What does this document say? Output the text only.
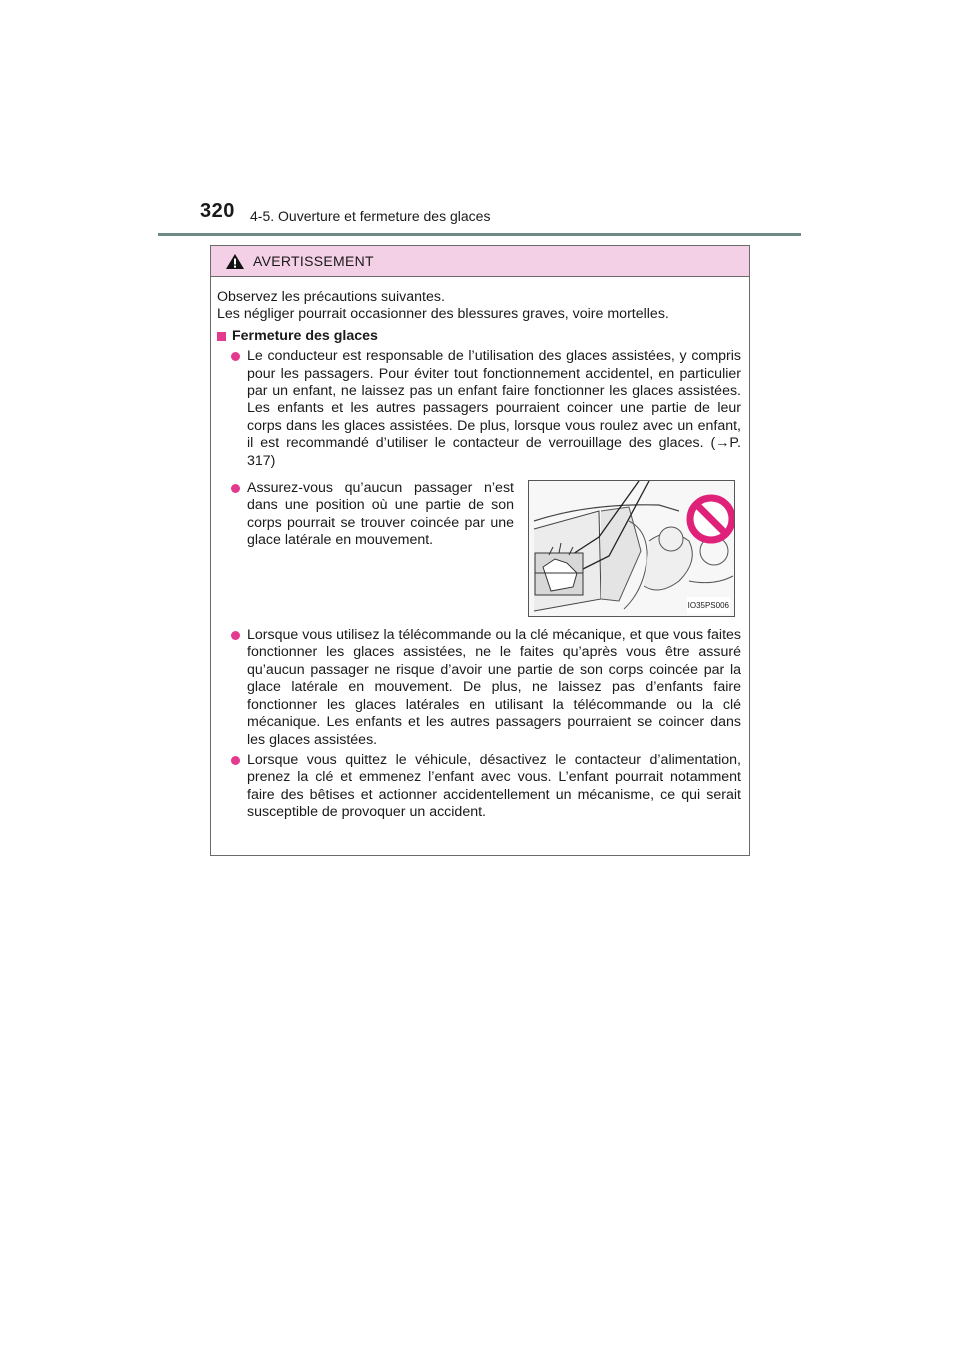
320 4-5. Ouverture et fermeture des glaces
AVERTISSEMENT

Observez les précautions suivantes.

Les négliger pourrait occasionner des blessures graves, voire mortelles.

Fermeture des glaces
Le conducteur est responsable de l’utilisation des glaces assistées, y compris pour les passagers. Pour éviter tout fonctionnement accidentel, en particulier par un enfant, ne laissez pas un enfant faire fonctionner les glaces assistées. Les enfants et les autres passagers pourraient coincer une partie de leur corps dans les glaces assistées. De plus, lorsque vous roulez avec un enfant, il est recommandé d’utiliser le contacteur de verrouillage des glaces. (→P. 317)
Assurez-vous qu’aucun passager n’est dans une position où une partie de son corps pourrait se trouver coincée par une glace latérale en mouvement.
IO35PS006
Lorsque vous utilisez la télécommande ou la clé mécanique, et que vous faites fonctionner les glaces assistées, ne le faites qu’après vous être assuré qu’aucun passager ne risque d’avoir une partie de son corps coincée par la glace latérale en mouvement. De plus, ne laissez pas d’enfants faire fonctionner les glaces latérales en utilisant la télécommande ou la clé mécanique. Les enfants et les autres passagers pourraient se coincer dans les glaces assistées.
Lorsque vous quittez le véhicule, désactivez le contacteur d’alimentation, prenez la clé et emmenez l’enfant avec vous. L’enfant pourrait notamment faire des bêtises et actionner accidentellement un mécanisme, ce qui serait susceptible de provoquer un accident.
